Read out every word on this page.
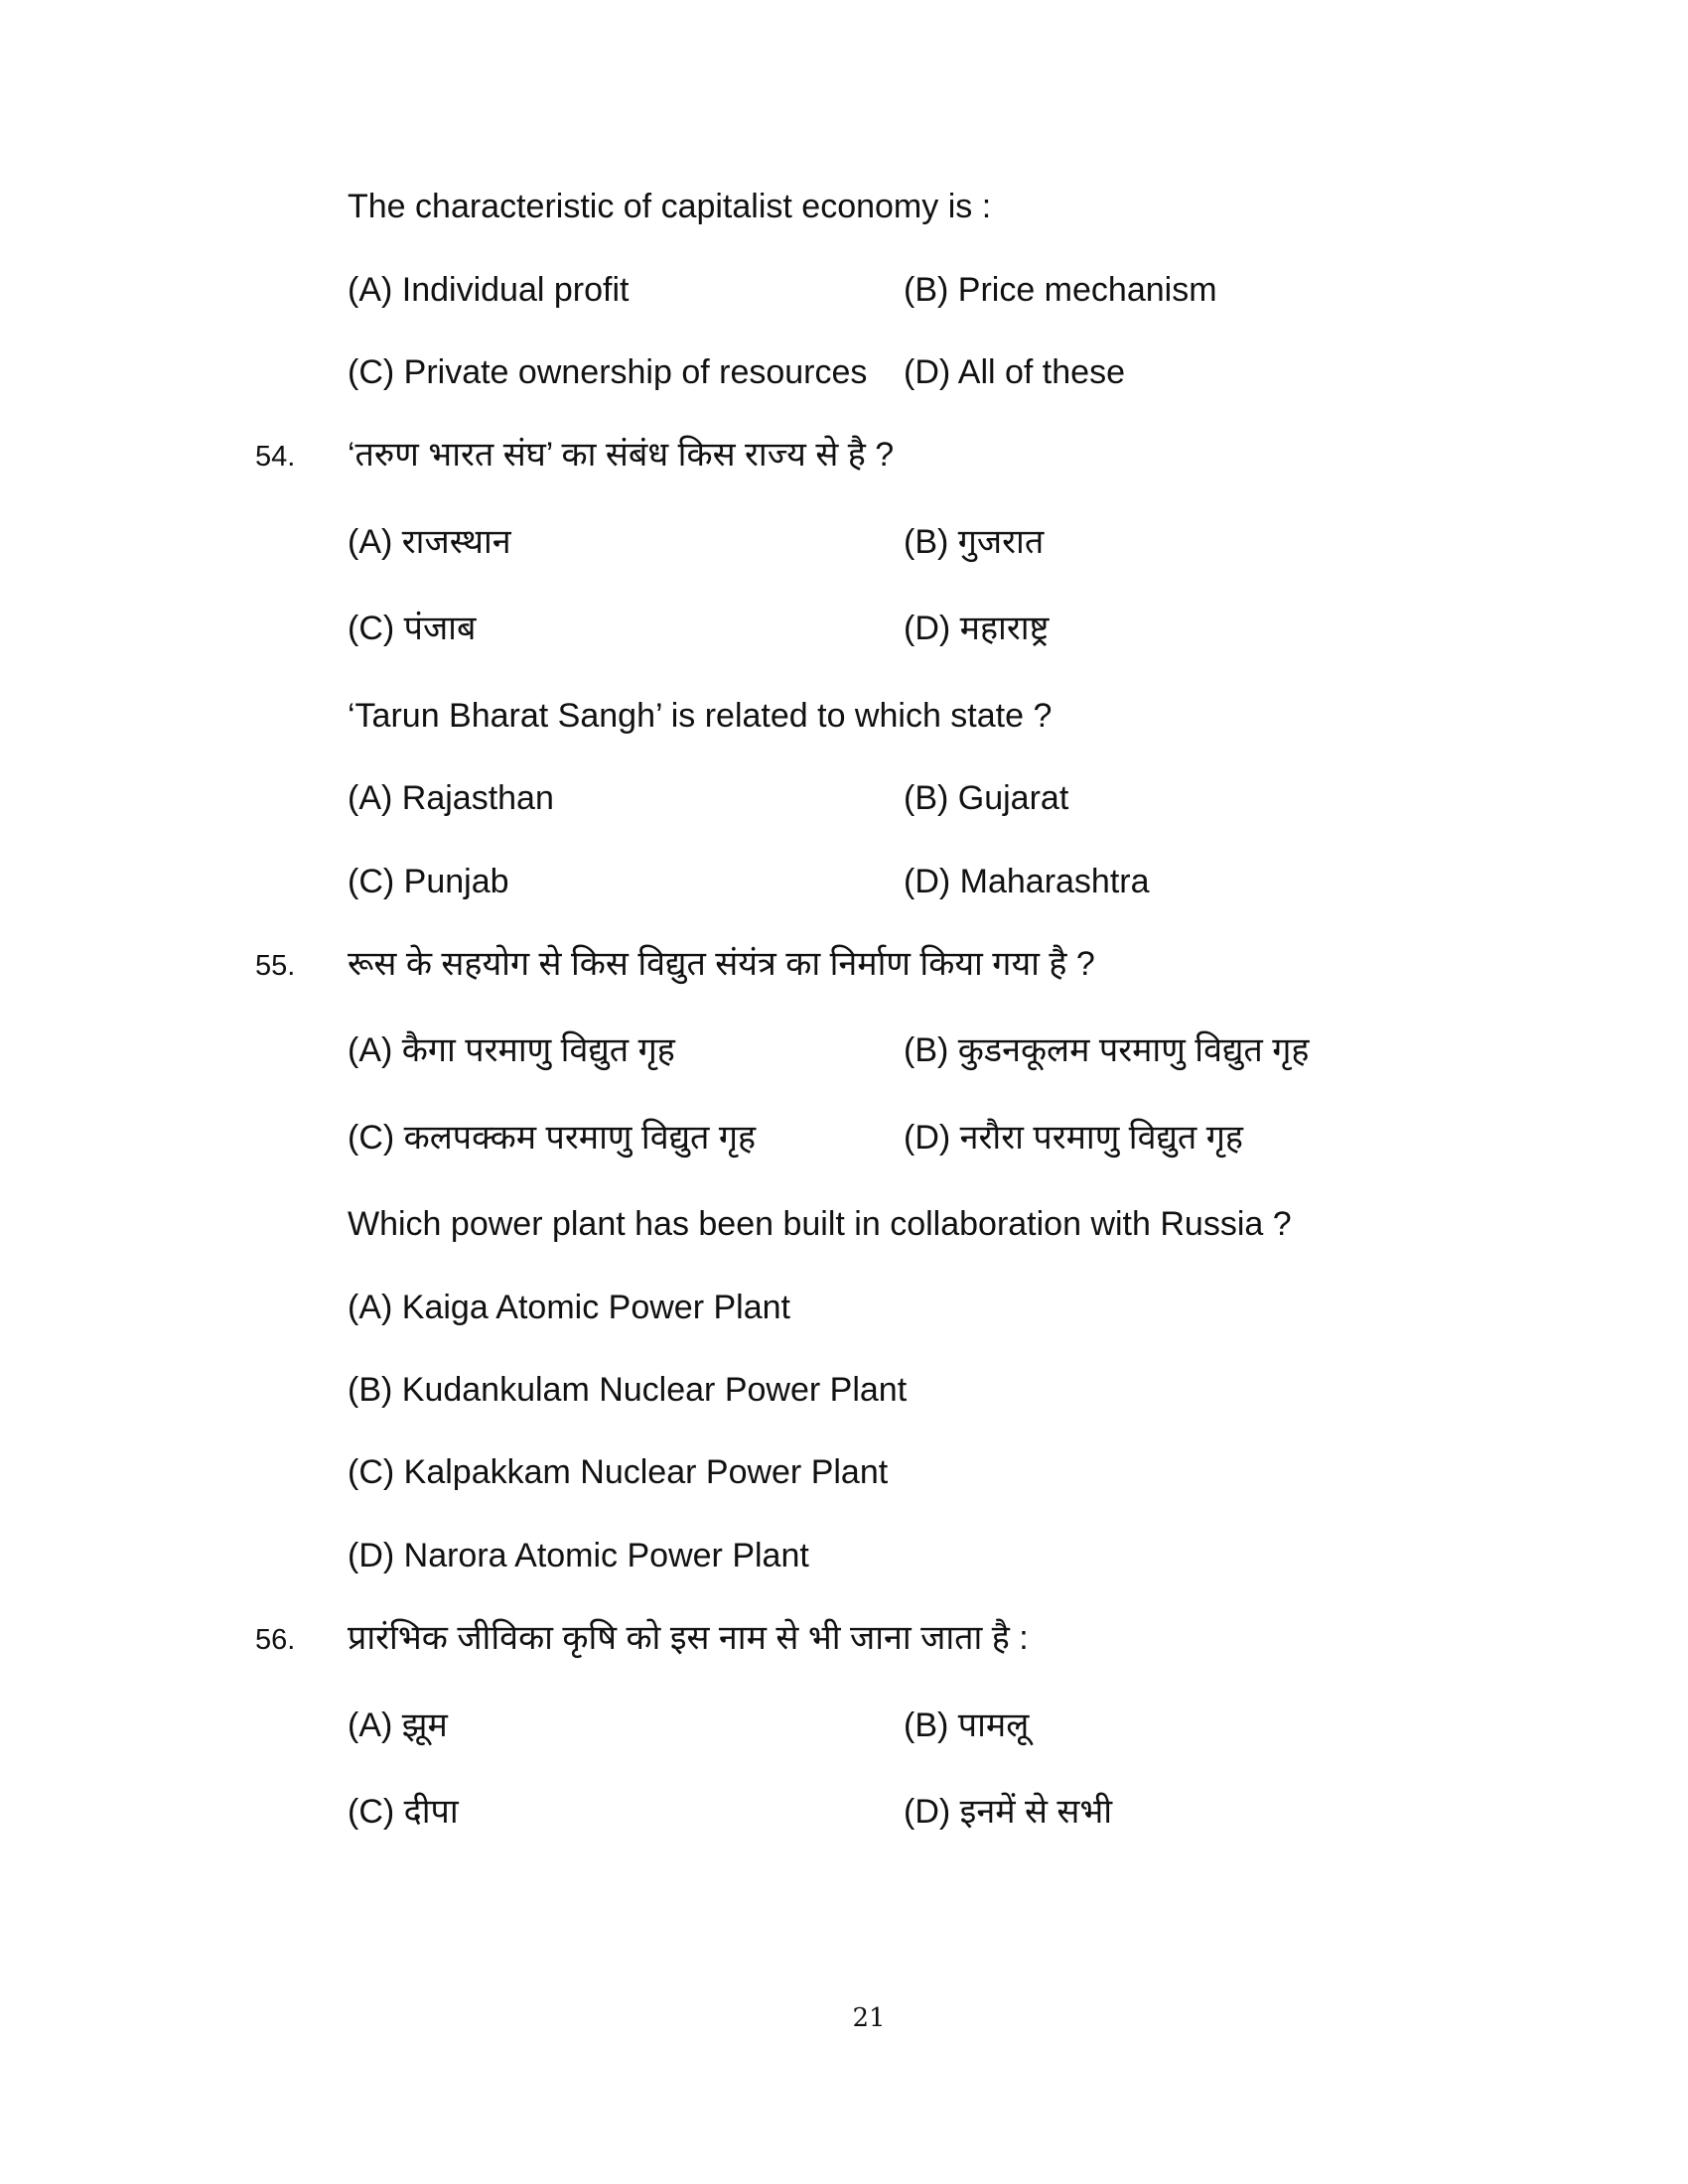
The characteristic of capitalist economy is :
(A) Individual profit	(B) Price mechanism
(C) Private ownership of resources (D) All of these
54. ‘तरुण भारत संघ’ का संबंध किस राज्य से है ?
(A) राजस्थान	(B) गुजरात
(C) पंजाब	(D) महाराष्ट्र
‘Tarun Bharat Sangh’ is related to which state ?
(A) Rajasthan	(B) Gujarat
(C) Punjab	(D) Maharashtra
55. रूस के सहयोग से किस विद्युत संयंत्र का निर्माण किया गया है ?
(A) कैगा परमाणु विद्युत गृह	(B) कुडनकूलम परमाणु विद्युत गृह
(C) कलपक्कम परमाणु विद्युत गृह	(D) नरौरा परमाणु विद्युत गृह
Which power plant has been built in collaboration with Russia ?
(A) Kaiga Atomic Power Plant
(B) Kudankulam Nuclear Power Plant
(C) Kalpakkam Nuclear Power Plant
(D) Narora Atomic Power Plant
56. प्रारंभिक जीविका कृषि को इस नाम से भी जाना जाता है :
(A) झूम	(B) पामलू
(C) दीपा	(D) इनमें से सभी
21
